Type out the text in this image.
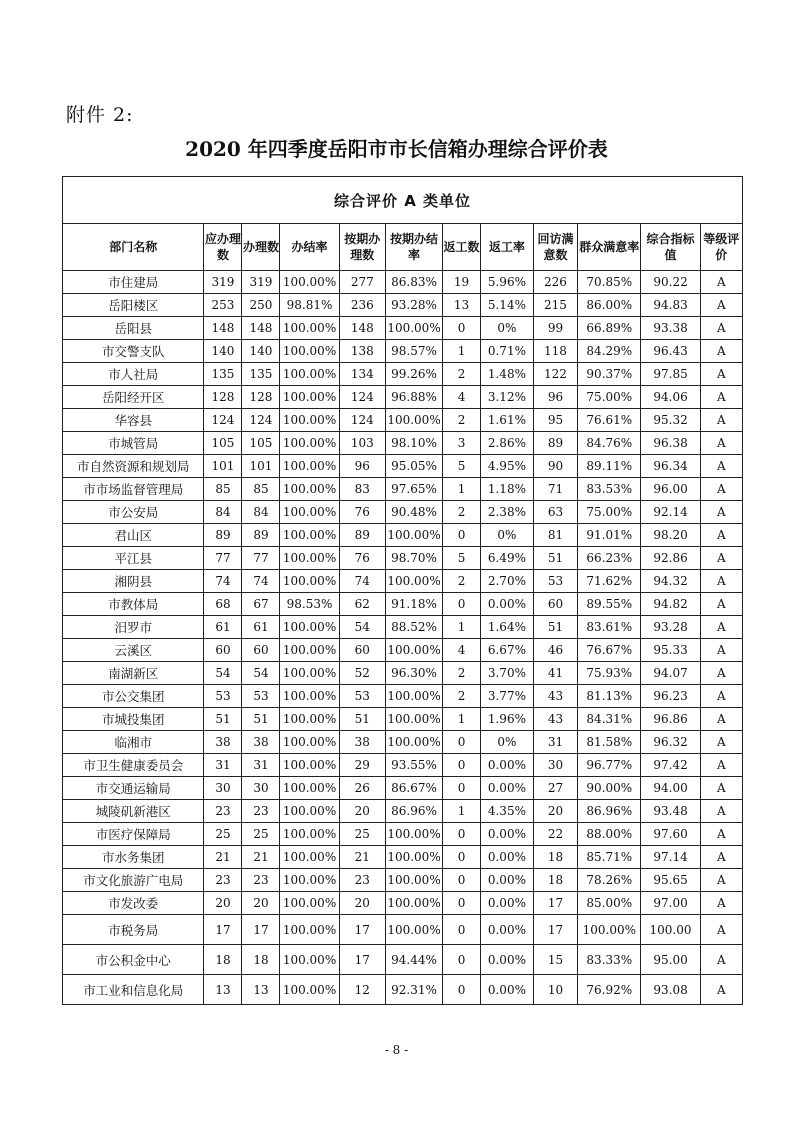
附件 2:
2020 年四季度岳阳市市长信箱办理综合评价表
综合评价 A 类单位											
部门名称	应办理数	办理数	办结率	按期办理数	按期办结率	返工数	返工率	回访满意数	群众满意率	综合指标值	等级评价
市住建局	319	319	100.00%	277	86.83%	19	5.96%	226	70.85%	90.22	A
岳阳楼区	253	250	98.81%	236	93.28%	13	5.14%	215	86.00%	94.83	A
岳阳县	148	148	100.00%	148	100.00%	0	0%	99	66.89%	93.38	A
市交警支队	140	140	100.00%	138	98.57%	1	0.71%	118	84.29%	96.43	A
市人社局	135	135	100.00%	134	99.26%	2	1.48%	122	90.37%	97.85	A
岳阳经开区	128	128	100.00%	124	96.88%	4	3.12%	96	75.00%	94.06	A
华容县	124	124	100.00%	124	100.00%	2	1.61%	95	76.61%	95.32	A
市城管局	105	105	100.00%	103	98.10%	3	2.86%	89	84.76%	96.38	A
市自然资源和规划局	101	101	100.00%	96	95.05%	5	4.95%	90	89.11%	96.34	A
市市场监督管理局	85	85	100.00%	83	97.65%	1	1.18%	71	83.53%	96.00	A
市公安局	84	84	100.00%	76	90.48%	2	2.38%	63	75.00%	92.14	A
君山区	89	89	100.00%	89	100.00%	0	0%	81	91.01%	98.20	A
平江县	77	77	100.00%	76	98.70%	5	6.49%	51	66.23%	92.86	A
湘阴县	74	74	100.00%	74	100.00%	2	2.70%	53	71.62%	94.32	A
市教体局	68	67	98.53%	62	91.18%	0	0.00%	60	89.55%	94.82	A
汨罗市	61	61	100.00%	54	88.52%	1	1.64%	51	83.61%	93.28	A
云溪区	60	60	100.00%	60	100.00%	4	6.67%	46	76.67%	95.33	A
南湖新区	54	54	100.00%	52	96.30%	2	3.70%	41	75.93%	94.07	A
市公交集团	53	53	100.00%	53	100.00%	2	3.77%	43	81.13%	96.23	A
市城投集团	51	51	100.00%	51	100.00%	1	1.96%	43	84.31%	96.86	A
临湘市	38	38	100.00%	38	100.00%	0	0%	31	81.58%	96.32	A
市卫生健康委员会	31	31	100.00%	29	93.55%	0	0.00%	30	96.77%	97.42	A
市交通运输局	30	30	100.00%	26	86.67%	0	0.00%	27	90.00%	94.00	A
城陵矶新港区	23	23	100.00%	20	86.96%	1	4.35%	20	86.96%	93.48	A
市医疗保障局	25	25	100.00%	25	100.00%	0	0.00%	22	88.00%	97.60	A
市水务集团	21	21	100.00%	21	100.00%	0	0.00%	18	85.71%	97.14	A
市文化旅游广电局	23	23	100.00%	23	100.00%	0	0.00%	18	78.26%	95.65	A
市发改委	20	20	100.00%	20	100.00%	0	0.00%	17	85.00%	97.00	A
市税务局	17	17	100.00%	17	100.00%	0	0.00%	17	100.00%	100.00	A
市公积金中心	18	18	100.00%	17	94.44%	0	0.00%	15	83.33%	95.00	A
市工业和信息化局	13	13	100.00%	12	92.31%	0	0.00%	10	76.92%	93.08	A
- 8 -
